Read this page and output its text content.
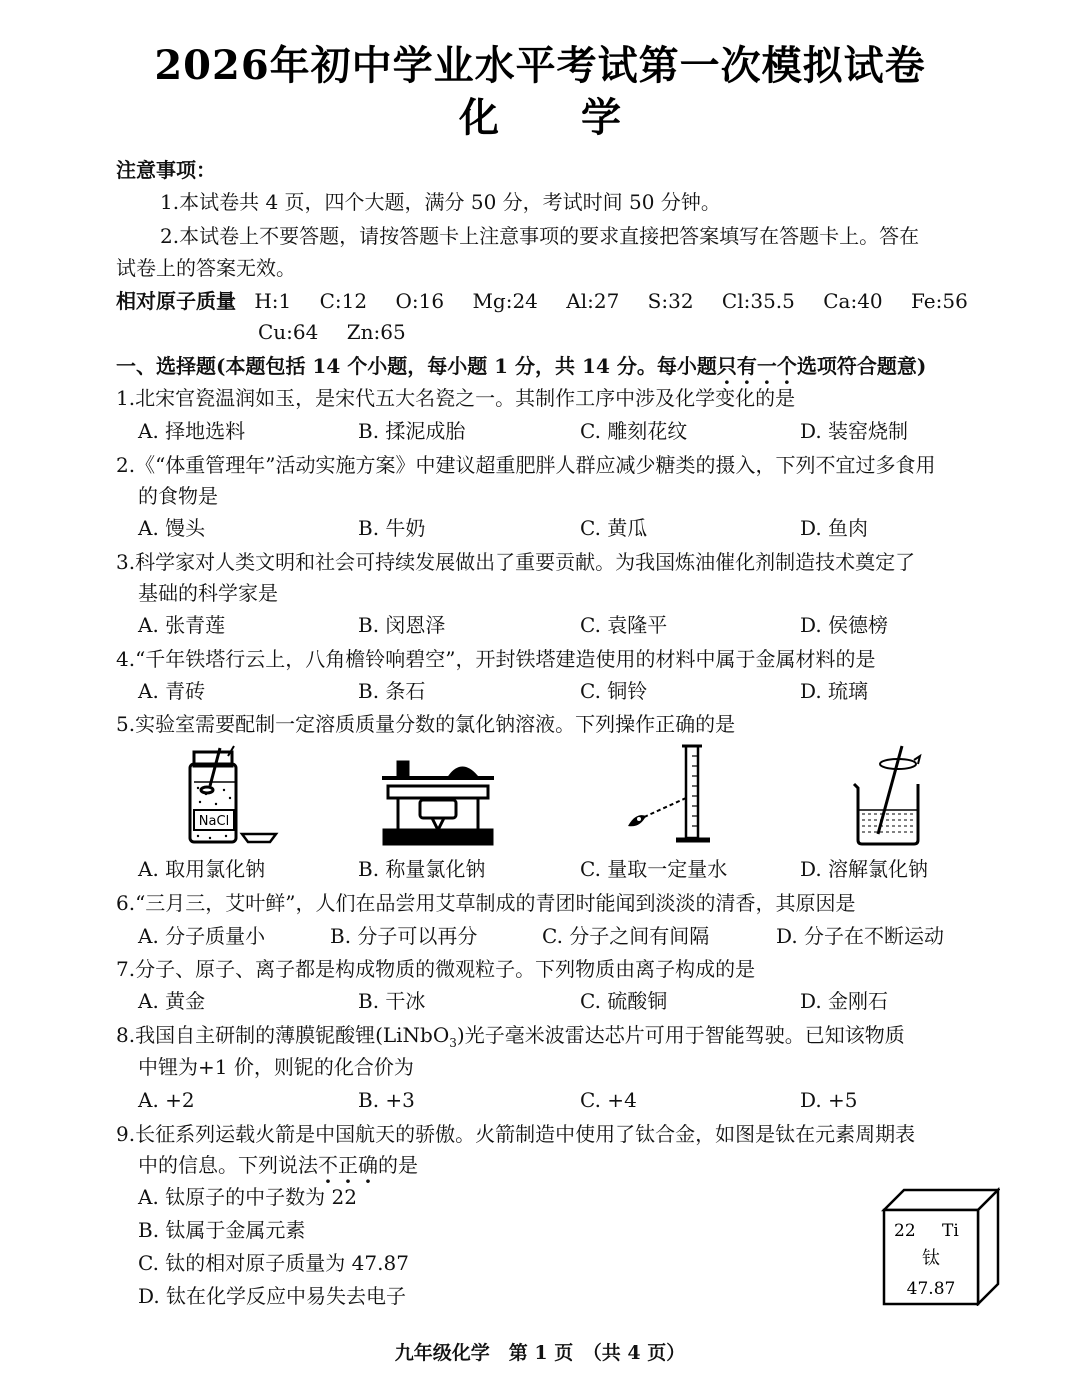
2026年初中学业水平考试第一次模拟试卷
化 学
注意事项：
1.本试卷共 4 页，四个大题，满分 50 分，考试时间 50 分钟。
2.本试卷上不要答题，请按答题卡上注意事项的要求直接把答案填写在答题卡上。答在
试卷上的答案无效。
相对原子质量 H:1 C:12 O:16 Mg:24 Al:27 S:32 Cl:35.5 Ca:40 Fe:56
Cu:64 Zn:65
一、选择题(本题包括 14 个小题，每小题 1 分，共 14 分。每小题只有一个选项符合题意)
1.北宋官瓷温润如玉，是宋代五大名瓷之一。其制作工序中涉及化学变化的是
A. 择地选料	B. 揉泥成胎	C. 雕刻花纹	D. 装窑烧制
2.《“体重管理年”活动实施方案》中建议超重肥胖人群应减少糖类的摄入，下列不宜过多食用
的食物是
A. 馒头	B. 牛奶	C. 黄瓜	D. 鱼肉
3.科学家对人类文明和社会可持续发展做出了重要贡献。为我国炼油催化剂制造技术奠定了
基础的科学家是
A. 张青莲	B. 闵恩泽	C. 袁隆平	D. 侯德榜
4.“千年铁塔行云上，八角檐铃响碧空”，开封铁塔建造使用的材料中属于金属材料的是
A. 青砖	B. 条石	C. 铜铃	D. 琉璃
5.实验室需要配制一定溶质质量分数的氯化钠溶液。下列操作正确的是
NaCl
A. 取用氯化钠	B. 称量氯化钠	C. 量取一定量水	D. 溶解氯化钠
6.“三月三，艾叶鲜”，人们在品尝用艾草制成的青团时能闻到淡淡的清香，其原因是
A. 分子质量小	B. 分子可以再分	C. 分子之间有间隔	D. 分子在不断运动
7.分子、原子、离子都是构成物质的微观粒子。下列物质由离子构成的是
A. 黄金	B. 干冰	C. 硫酸铜	D. 金刚石
8.我国自主研制的薄膜铌酸锂(LiNbO$_3$)光子毫米波雷达芯片可用于智能驾驶。已知该物质
中锂为+1 价，则铌的化合价为
A. +2	B. +3	C. +4	D. +5
9.长征系列运载火箭是中国航天的骄傲。火箭制造中使用了钛合金，如图是钛在元素周期表
中的信息。下列说法不正确的是
A. 钛原子的中子数为 22
B. 钛属于金属元素
C. 钛的相对原子质量为 47.87
D. 钛在化学反应中易失去电子
22 Ti
钛
47.87
九年级化学　第 1 页　（共 4 页）
